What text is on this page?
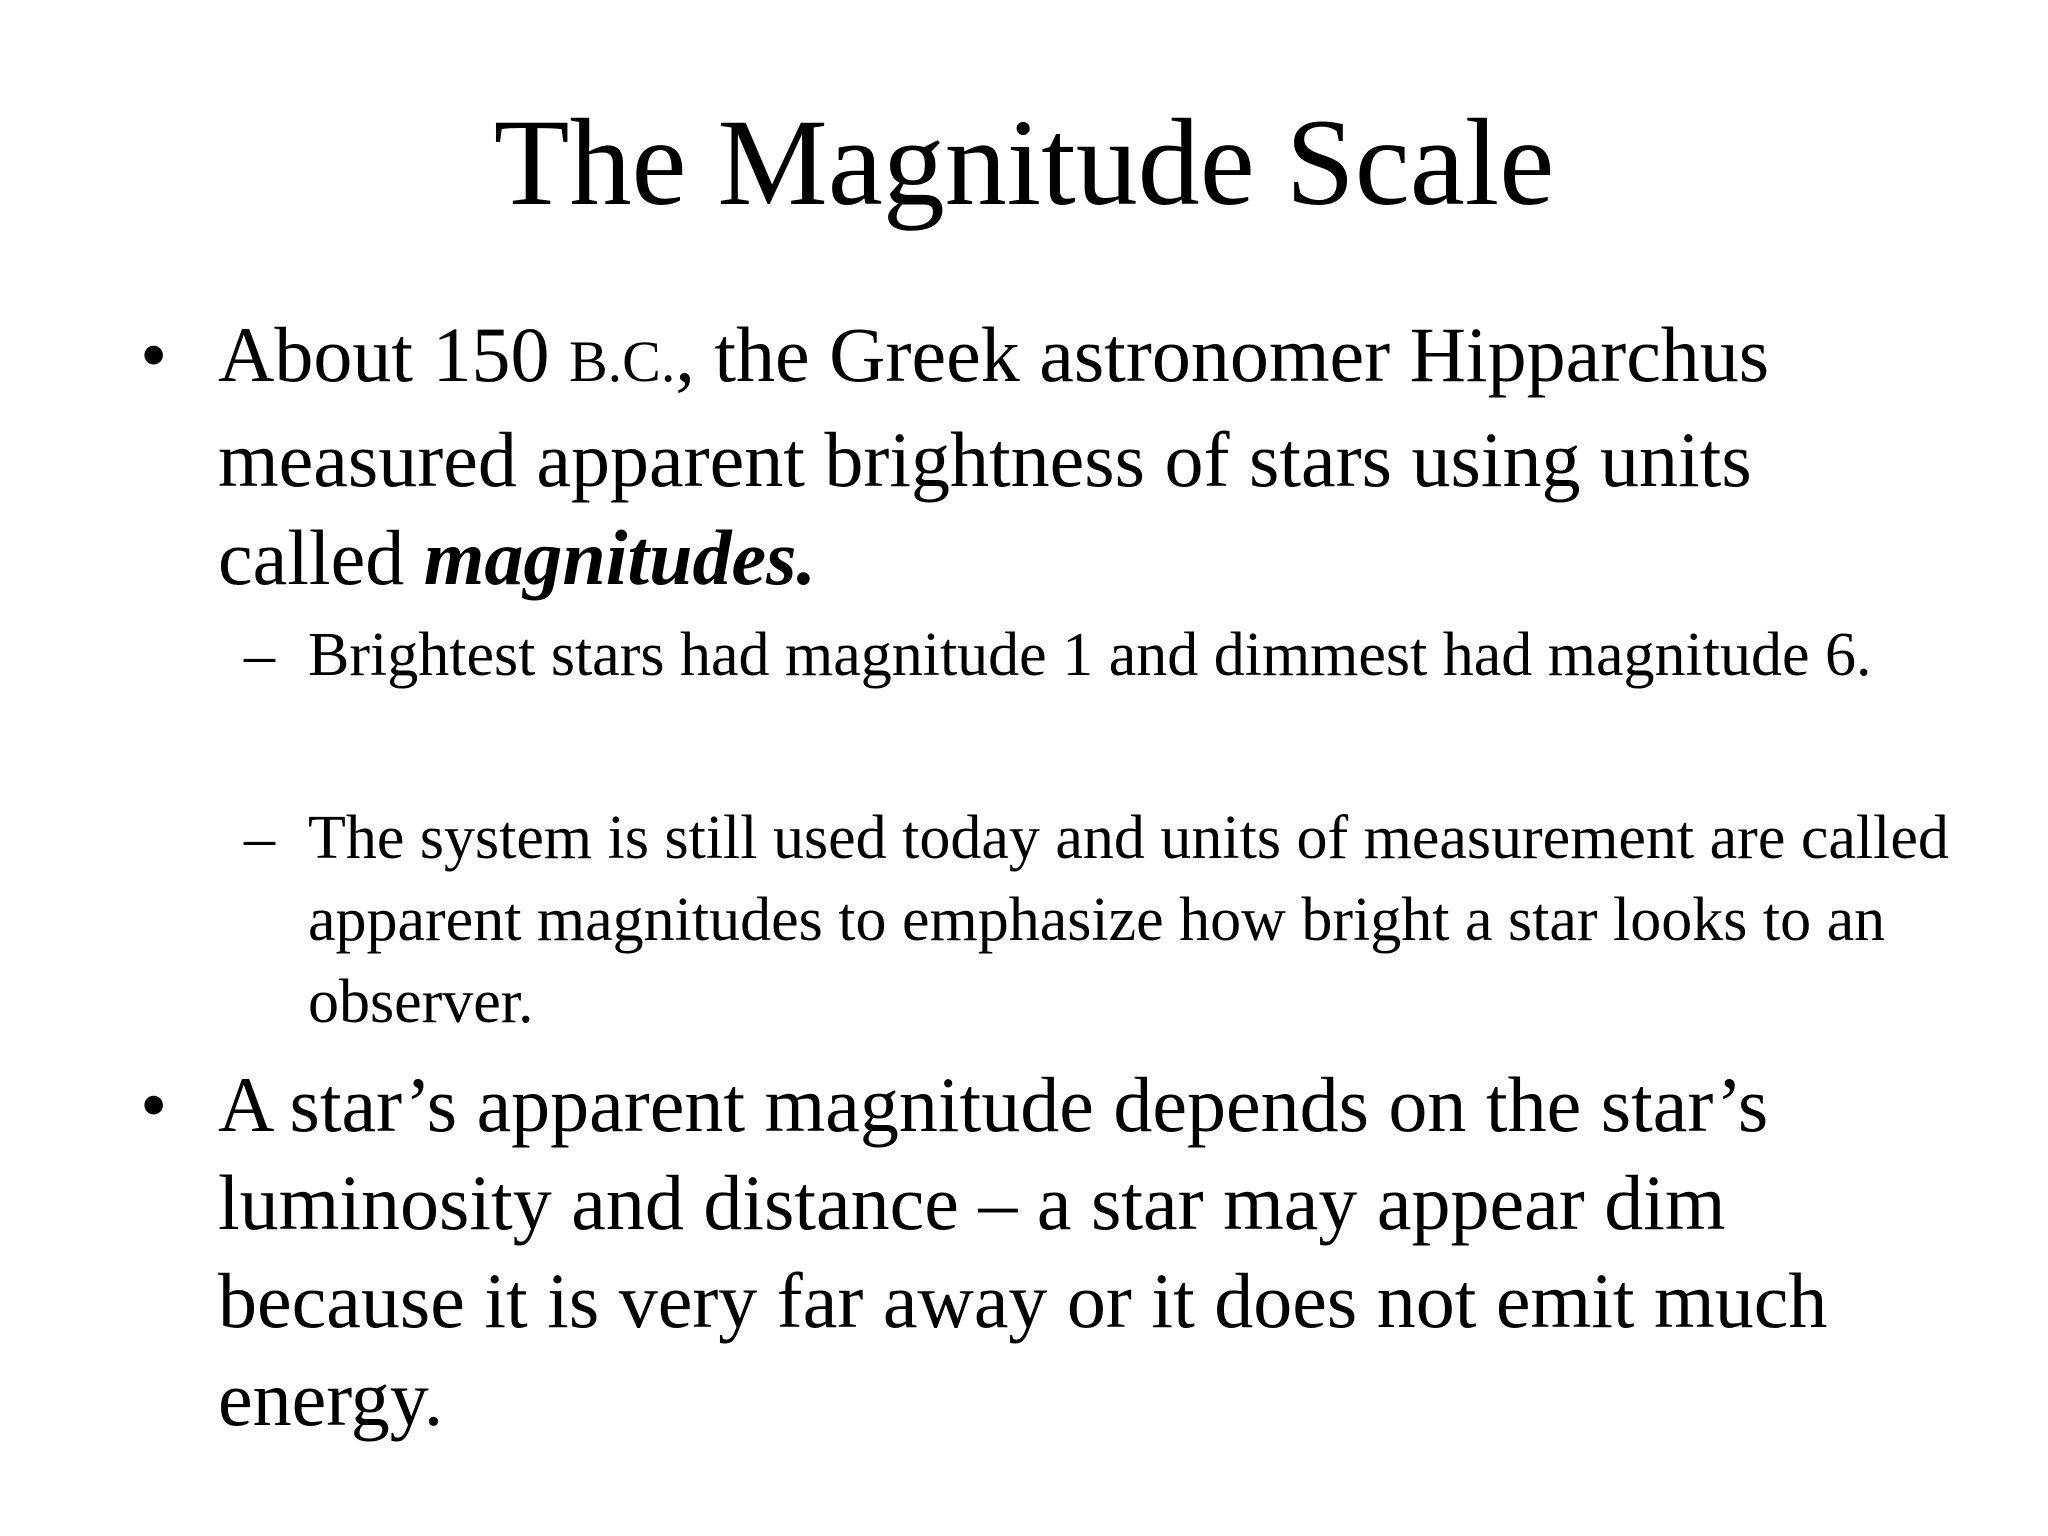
The Magnitude Scale
• About 150 B.C., the Greek astronomer Hipparchus measured apparent brightness of stars using units called magnitudes.
– Brightest stars had magnitude 1 and dimmest had magnitude 6.
– The system is still used today and units of measurement are called apparent magnitudes to emphasize how bright a star looks to an observer.
• A star’s apparent magnitude depends on the star’s luminosity and distance – a star may appear dim because it is very far away or it does not emit much energy.
